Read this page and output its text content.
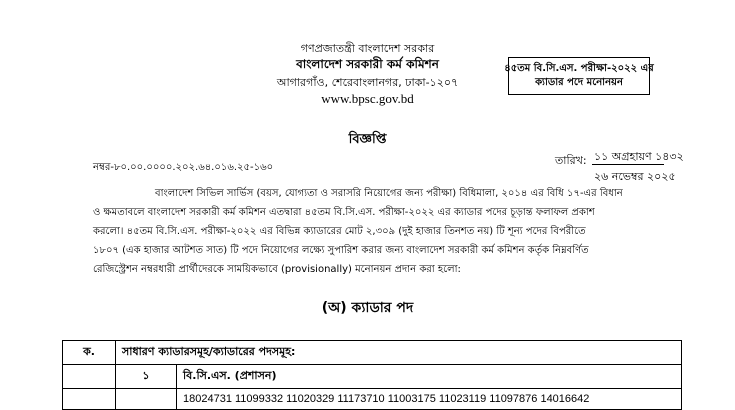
গণপ্রজাতন্ত্রী বাংলাদেশ সরকার
বাংলাদেশ সরকারী কর্ম কমিশন
আগারগাঁও, শেরেবাংলানগর, ঢাকা-১২০৭
www.bpsc.gov.bd
৪৫তম বি.সি.এস. পরীক্ষা-২০২২ এর
ক্যাডার পদে মনোনয়ন
বিজ্ঞপ্তি
নম্বর-৮০.০০.০০০০.২০২.৬৪.০১৬.২৫-১৬০
তারিখ: ১১ অগ্রহায়ণ ১৪৩২
২৬ নভেম্বর ২০২৫

বাংলাদেশ সিভিল সার্ভিস (বয়স, যোগ্যতা ও সরাসরি নিয়োগের জন্য পরীক্ষা) বিধিমালা, ২০১৪ এর বিধি ১৭-এর বিধান

ও ক্ষমতাবলে বাংলাদেশ সরকারী কর্ম কমিশন এতদ্বারা ৪৫তম বি.সি.এস. পরীক্ষা-২০২২ এর ক্যাডার পদের চূড়ান্ত ফলাফল প্রকাশ

করলো। ৪৫তম বি.সি.এস. পরীক্ষা-২০২২ এর বিভিন্ন ক্যাডারের মোট ২,৩০৯ (দুই হাজার তিনশত নয়) টি শূন্য পদের বিপরীতে

১৮০৭ (এক হাজার আটশত সাত) টি পদে নিয়োগের লক্ষ্যে সুপারিশ করার জন্য বাংলাদেশ সরকারী কর্ম কমিশন কর্তৃক নিম্নবর্ণিত

রেজিস্ট্রেশন নম্বরধারী প্রার্থীদেরকে সাময়িকভাবে (provisionally) মনোনয়ন প্রদান করা হলো:

(অ) ক্যাডার পদ
ক.	সাধারণ ক্যাডারসমূহ/ক্যাডারের পদসমূহ:	
	১	বি.সি.এস. (প্রশাসন)
		18024731 11099332 11020329 11173710 11003175 11023119 11097876 14016642
